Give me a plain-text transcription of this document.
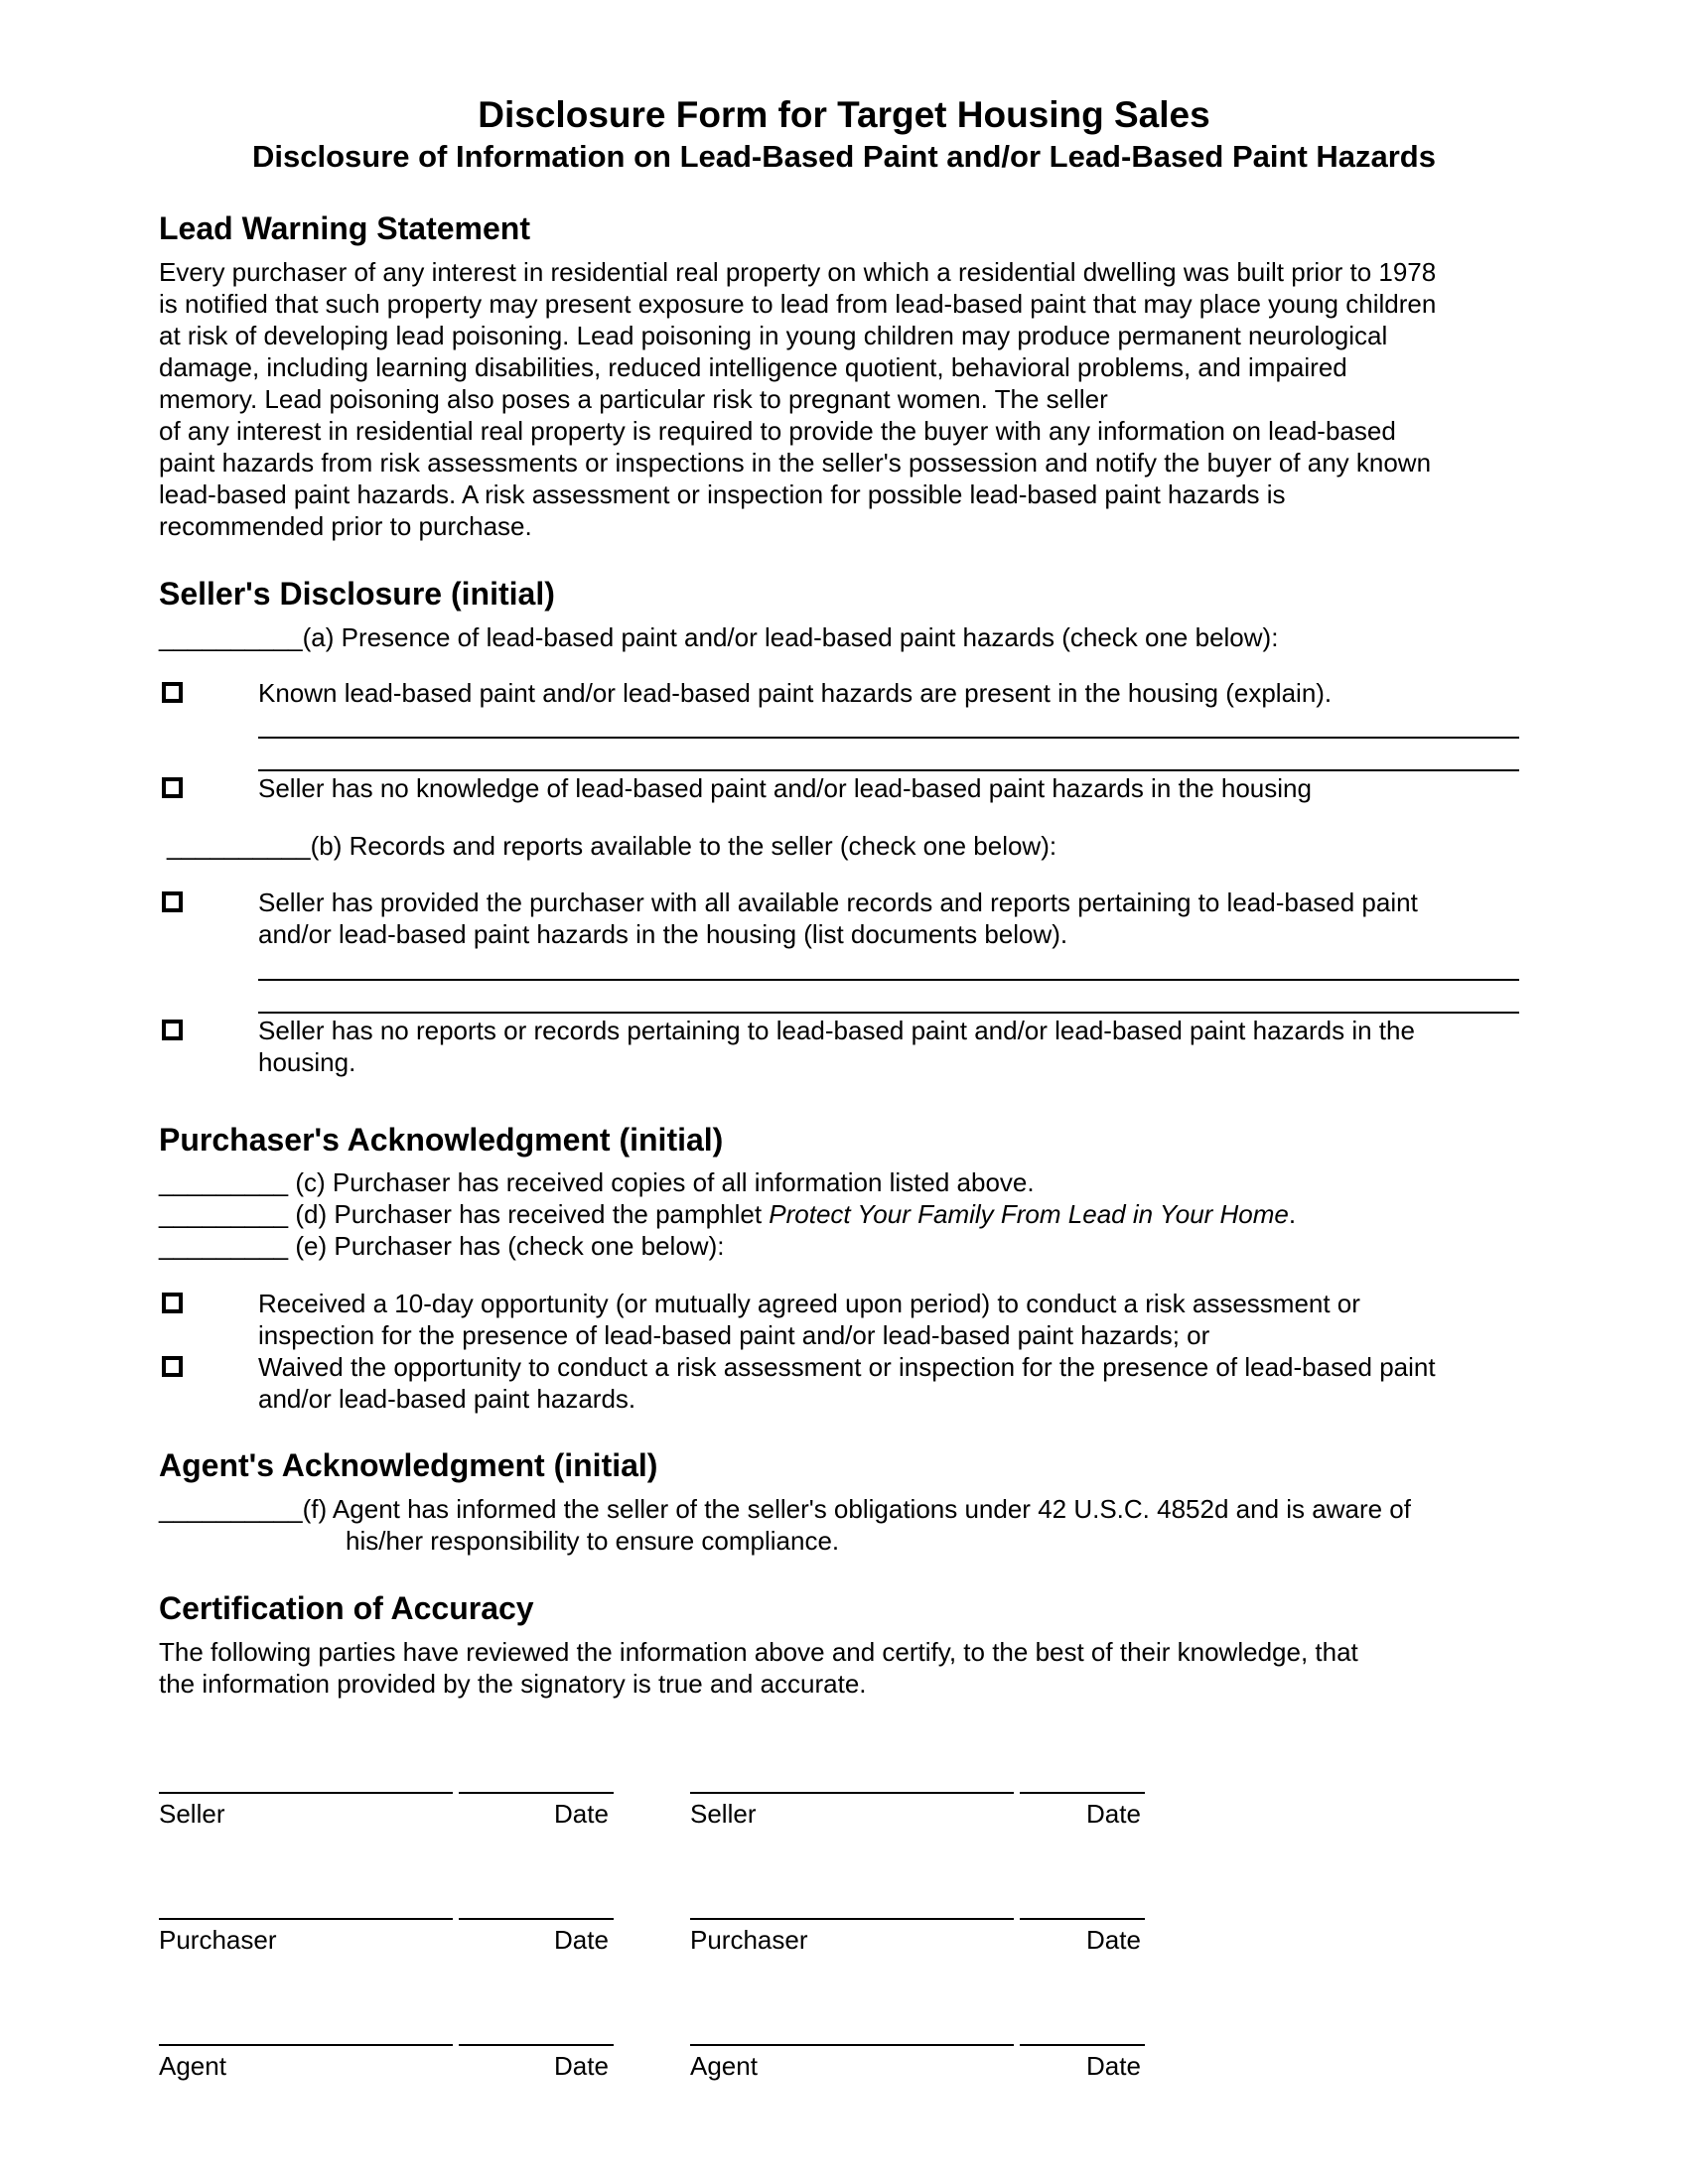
Disclosure Form for Target Housing Sales
Disclosure of Information on Lead-Based Paint and/or Lead-Based Paint Hazards
Lead Warning Statement
Every purchaser of any interest in residential real property on which a residential dwelling was built prior to 1978
is notified that such property may present exposure to lead from lead-based paint that may place young children
at risk of developing lead poisoning. Lead poisoning in young children may produce permanent neurological
damage, including learning disabilities, reduced intelligence quotient, behavioral problems, and impaired
memory. Lead poisoning also poses a particular risk to pregnant women. The seller
of any interest in residential real property is required to provide the buyer with any information on lead-based
paint hazards from risk assessments or inspections in the seller's possession and notify the buyer of any known
lead-based paint hazards. A risk assessment or inspection for possible lead-based paint hazards is
recommended prior to purchase.
Seller's Disclosure (initial)
__________(a) Presence of lead-based paint and/or lead-based paint hazards (check one below):
Known lead-based paint and/or lead-based paint hazards are present in the housing (explain).
Seller has no knowledge of lead-based paint and/or lead-based paint hazards in the housing
__________(b) Records and reports available to the seller (check one below):
Seller has provided the purchaser with all available records and reports pertaining to lead-based paint
and/or lead-based paint hazards in the housing (list documents below).
Seller has no reports or records pertaining to lead-based paint and/or lead-based paint hazards in the
housing.
Purchaser's Acknowledgment (initial)
_________ (c) Purchaser has received copies of all information listed above.
_________ (d) Purchaser has received the pamphlet Protect Your Family From Lead in Your Home.
_________ (e) Purchaser has (check one below):
Received a 10-day opportunity (or mutually agreed upon period) to conduct a risk assessment or
inspection for the presence of lead-based paint and/or lead-based paint hazards; or
Waived the opportunity to conduct a risk assessment or inspection for the presence of lead-based paint
and/or lead-based paint hazards.
Agent's Acknowledgment (initial)
__________(f) Agent has informed the seller of the seller's obligations under 42 U.S.C. 4852d and is aware of
his/her responsibility to ensure compliance.
Certification of Accuracy
The following parties have reviewed the information above and certify, to the best of their knowledge, that
the information provided by the signatory is true and accurate.
Seller	Date	Seller	Date
Purchaser	Date	Purchaser	Date
Agent	Date	Agent	Date
